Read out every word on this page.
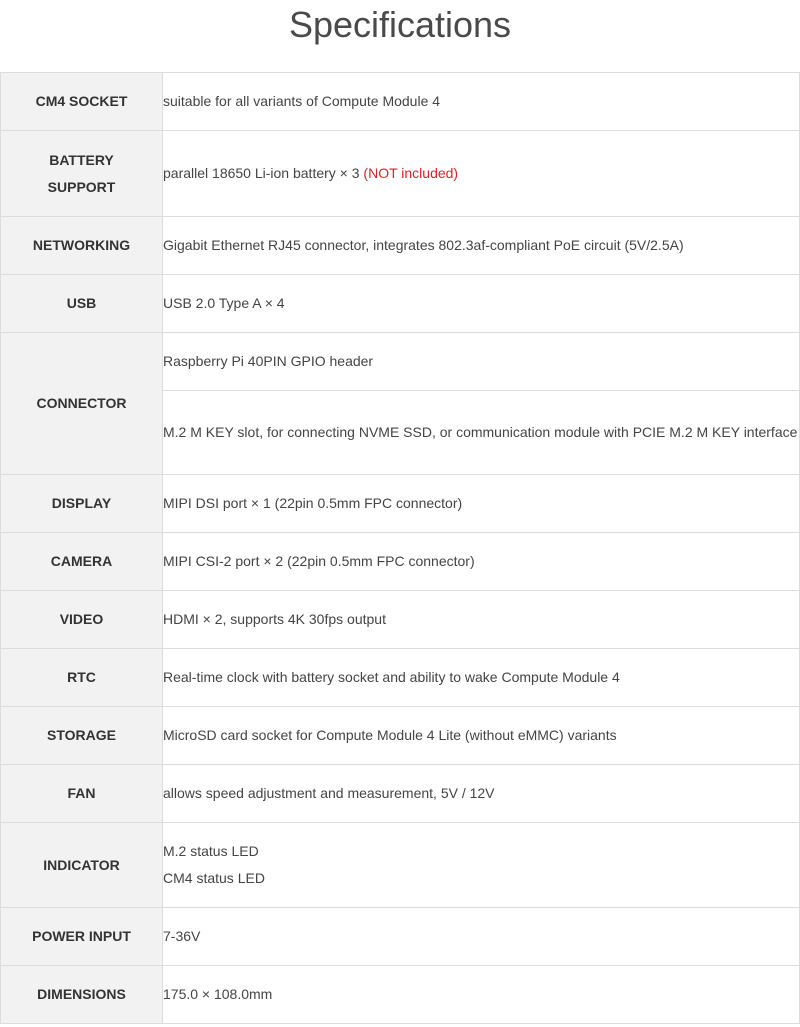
Specifications
CM4 SOCKET	suitable for all variants of Compute Module 4

BATTERY
SUPPORT	parallel 18650 Li-ion battery × 3 (NOT included)
NETWORKING	Gigabit Ethernet RJ45 connector, integrates 802.3af-compliant PoE circuit (5V/2.5A)
USB	USB 2.0 Type A × 4
CONNECTOR	Raspberry Pi 40PIN GPIO header
	M.2 M KEY slot, for connecting NVME SSD, or communication module with PCIE M.2 M KEY interface
DISPLAY	MIPI DSI port × 1 (22pin 0.5mm FPC connector)
CAMERA	MIPI CSI-2 port × 2 (22pin 0.5mm FPC connector)
VIDEO	HDMI × 2, supports 4K 30fps output
RTC	Real-time clock with battery socket and ability to wake Compute Module 4
STORAGE	MicroSD card socket for Compute Module 4 Lite (without eMMC) variants
FAN	allows speed adjustment and measurement, 5V / 12V
INDICATOR	M.2 status LED
CM4 status LED

POWER INPUT	7-36V
DIMENSIONS	175.0 × 108.0mm
